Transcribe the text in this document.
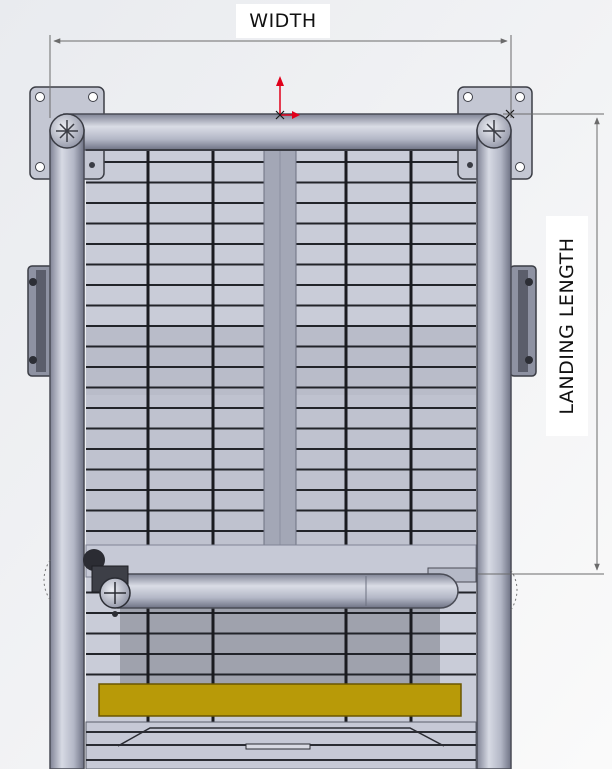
WIDTH
LANDING LENGTH
